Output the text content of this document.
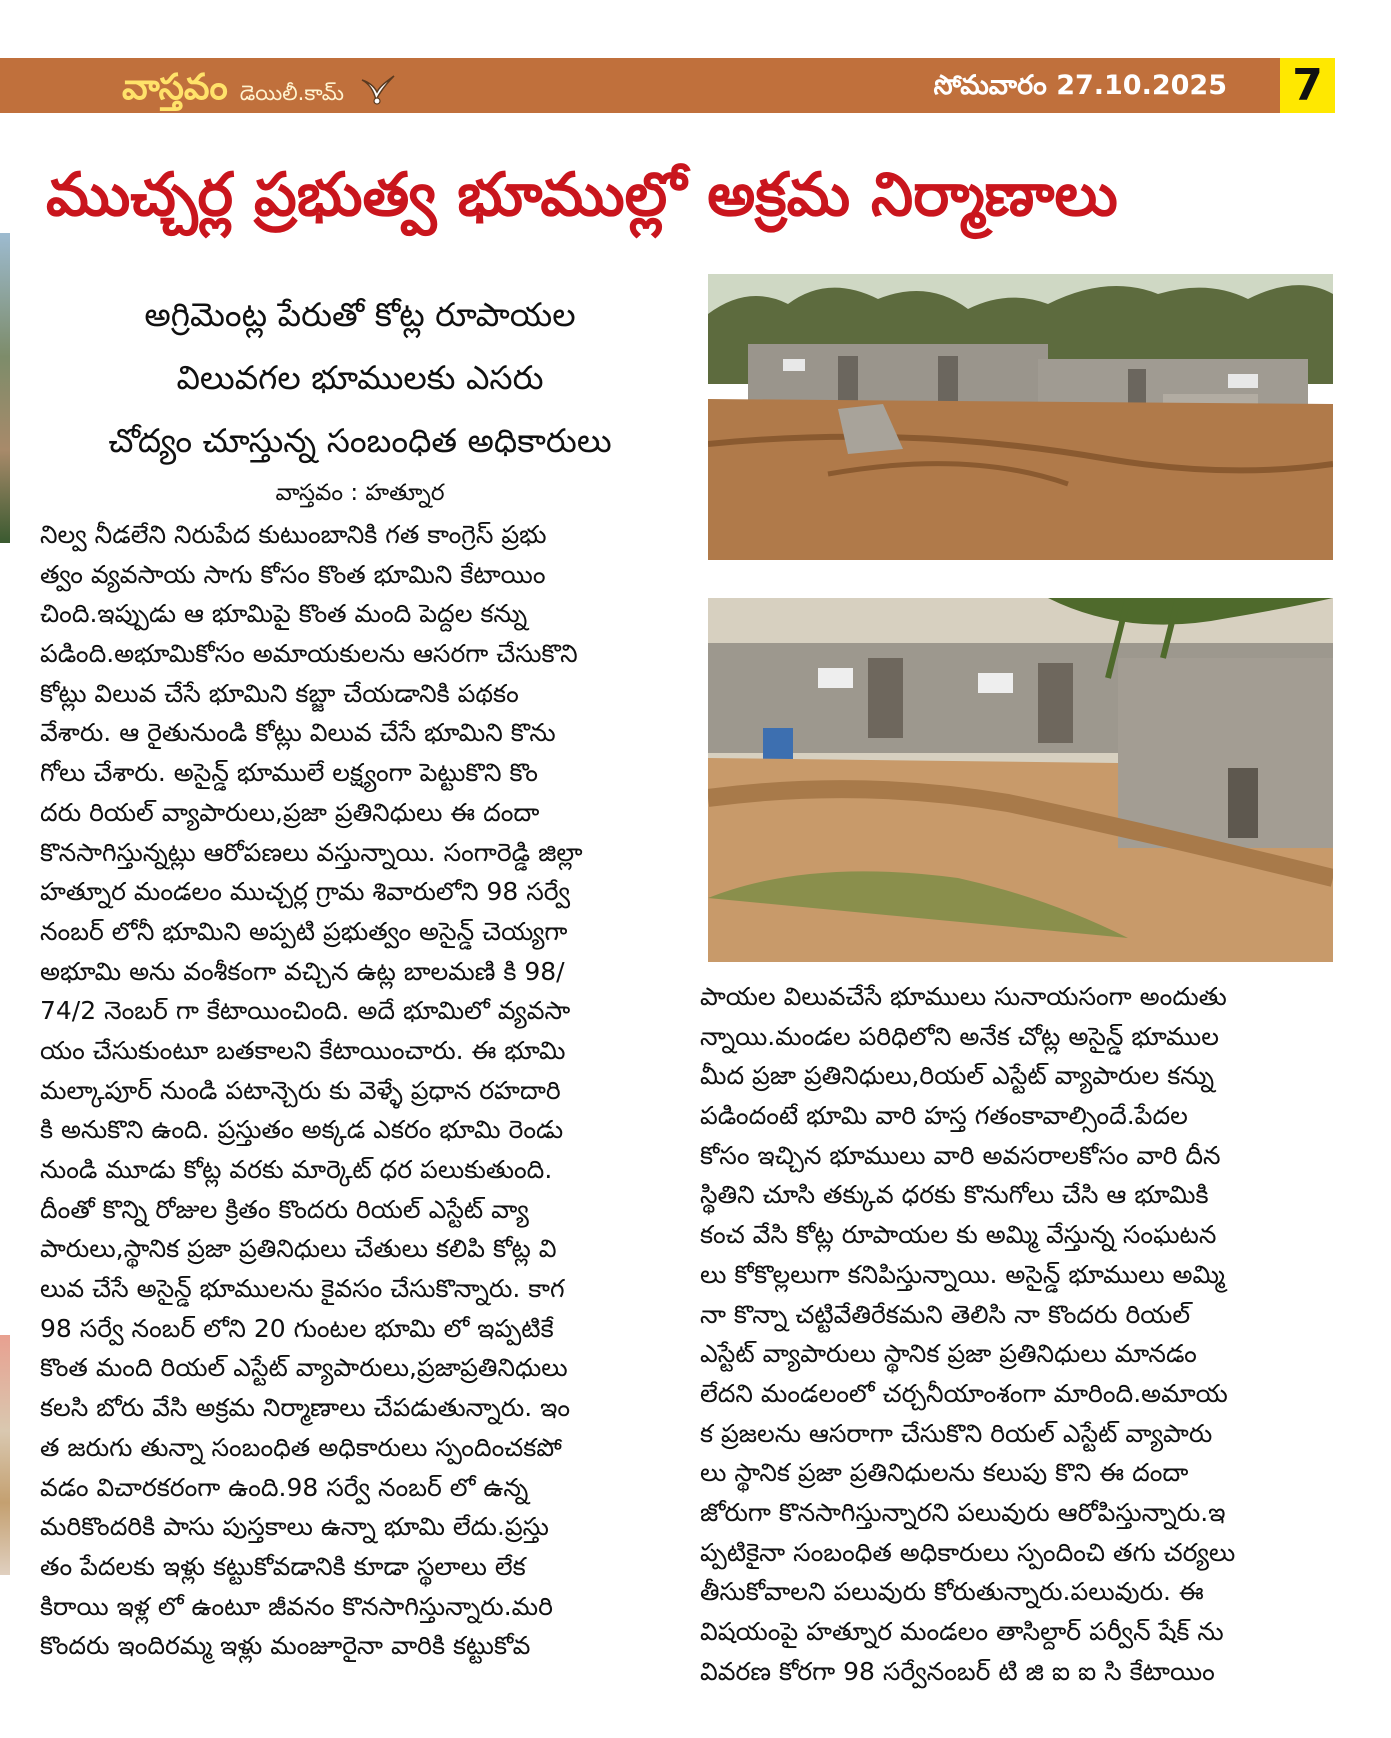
వాస్తవం డెయిలీ.కామ్	సోమవారం 27.10.2025 7
ముచ్చర్ల ప్రభుత్వ భూముల్లో అక్రమ నిర్మాణాలు
అగ్రిమెంట్ల పేరుతో కోట్ల రూపాయల
విలువగల భూములకు ఎసరు
చోద్యం చూస్తున్న సంబంధిత అధికారులు
వాస్తవం : హత్నూర
నిల్వ నీడలేని నిరుపేద కుటుంబానికి గత కాంగ్రెస్ ప్రభు
త్వం వ్యవసాయ సాగు కోసం కొంత భూమిని కేటాయిం
చింది.ఇప్పుడు ఆ భూమిపై కొంత మంది పెద్దల కన్ను
పడింది.అభూమికోసం అమాయకులను ఆసరగా చేసుకొని
కోట్లు విలువ చేసే భూమిని కబ్జా చేయడానికి పథకం
వేశారు. ఆ రైతునుండి కోట్లు విలువ చేసే భూమిని కొను
గోలు చేశారు. అసైన్డ్ భూములే లక్ష్యంగా పెట్టుకొని కొం
దరు రియల్ వ్యాపారులు,ప్రజా ప్రతినిధులు ఈ దందా
కొనసాగిస్తున్నట్లు ఆరోపణలు వస్తున్నాయి. సంగారెడ్డి జిల్లా
హత్నూర మండలం ముచ్చర్ల గ్రామ శివారులోని 98 సర్వే
నంబర్ లోనీ భూమిని అప్పటి ప్రభుత్వం అసైన్డ్ చెయ్యగా
అభూమి అను వంశీకంగా వచ్చిన ఉట్ల బాలమణి కి 98/
74/2 నెంబర్ గా కేటాయించింది. అదే భూమిలో వ్యవసా
యం చేసుకుంటూ బతకాలని కేటాయించారు. ఈ భూమి
మల్కాపూర్ నుండి పటాన్చెరు కు వెళ్ళే ప్రధాన రహదారి
కి అనుకొని ఉంది. ప్రస్తుతం అక్కడ ఎకరం భూమి రెండు
నుండి మూడు కోట్ల వరకు మార్కెట్ ధర పలుకుతుంది.
దీంతో కొన్ని రోజుల క్రితం కొందరు రియల్ ఎస్టేట్ వ్యా
పారులు,స్థానిక ప్రజా ప్రతినిధులు చేతులు కలిపి కోట్ల వి
లువ చేసే అసైన్డ్ భూములను కైవసం చేసుకొన్నారు. కాగ
98 సర్వే నంబర్ లోని 20 గుంటల భూమి లో ఇప్పటికే
కొంత మంది రియల్ ఎస్టేట్ వ్యాపారులు,ప్రజాప్రతినిధులు
కలసి బోరు వేసి అక్రమ నిర్మాణాలు చేపడుతున్నారు. ఇం
త జరుగు తున్నా సంబంధిత అధికారులు స్పందించకపో
వడం విచారకరంగా ఉంది.98 సర్వే నంబర్ లో ఉన్న
మరికొందరికి పాసు పుస్తకాలు ఉన్నా భూమి లేదు.ప్రస్తు
తం పేదలకు ఇళ్లు కట్టుకోవడానికి కూడా స్థలాలు లేక
కిరాయి ఇళ్ల లో ఉంటూ జీవనం కొనసాగిస్తున్నారు.మరి
కొందరు ఇందిరమ్మ ఇళ్లు మంజూరైనా వారికి కట్టుకోవ
పాయల విలువచేసే భూములు సునాయసంగా అందుతు
న్నాయి.మండల పరిధిలోని అనేక చోట్ల అసైన్డ్ భూముల
మీద ప్రజా ప్రతినిధులు,రియల్ ఎస్టేట్ వ్యాపారుల కన్ను
పడిందంటే భూమి వారి హస్త గతంకావాల్సిందే.పేదల
కోసం ఇచ్చిన భూములు వారి అవసరాలకోసం వారి దీన
స్థితిని చూసి తక్కువ ధరకు కొనుగోలు చేసి ఆ భూమికి
కంచ వేసి కోట్ల రూపాయల కు అమ్మి వేస్తున్న సంఘటన
లు కోకొల్లలుగా కనిపిస్తున్నాయి. అసైన్డ్ భూములు అమ్మి
నా కొన్నా చట్టివేతిరేకమని తెలిసి నా కొందరు రియల్
ఎస్టేట్ వ్యాపారులు స్థానిక ప్రజా ప్రతినిధులు మానడం
లేదని మండలంలో చర్చనీయాంశంగా మారింది.అమాయ
క ప్రజలను ఆసరాగా చేసుకొని రియల్ ఎస్టేట్ వ్యాపారు
లు స్థానిక ప్రజా ప్రతినిధులను కలుపు కొని ఈ దందా
జోరుగా కొనసాగిస్తున్నారని పలువురు ఆరోపిస్తున్నారు.ఇ
ప్పటికైనా సంబంధిత అధికారులు స్పందించి తగు చర్యలు
తీసుకోవాలని పలువురు కోరుతున్నారు.పలువురు. ఈ
విషయంపై హత్నూర మండలం తాసిల్దార్ పర్వీన్ షేక్ ను
వివరణ కోరగా 98 సర్వేనంబర్ టి జి ఐ ఐ సి కేటాయిం
